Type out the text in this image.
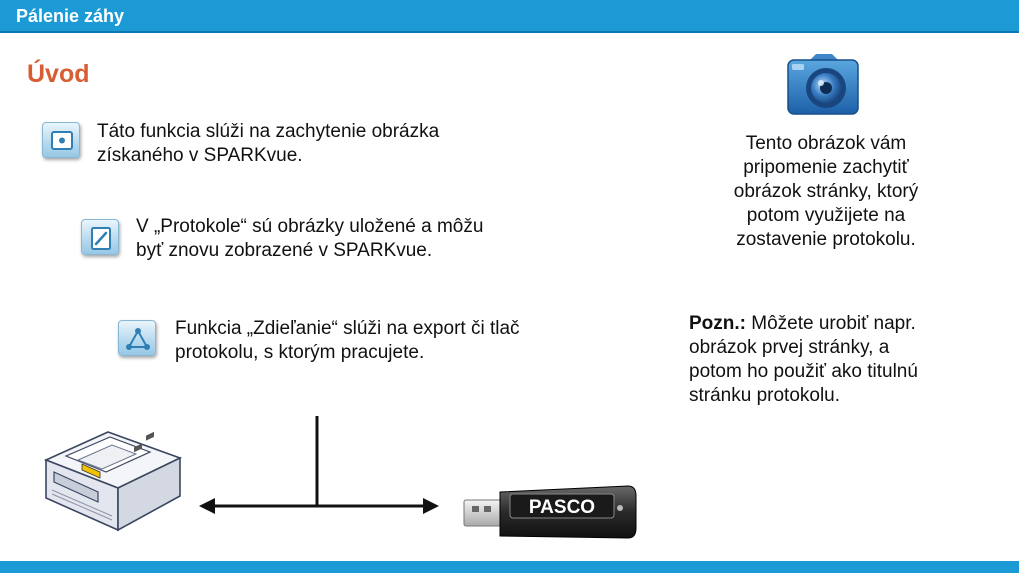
Pálenie záhy
Úvod
Táto funkcia slúži na zachytenie obrázka
získaného v SPARKvue.
V „Protokole“ sú obrázky uložené a môžu
byť znovu zobrazené v SPARKvue.
Funkcia „Zdieľanie“ slúži na export či tlač
protokolu, s ktorým pracujete.
Tento obrázok vám
pripomenie zachytiť
obrázok stránky, ktorý
potom využijete na
zostavenie protokolu.
Pozn.: Môžete urobiť napr.
obrázok prvej stránky, a
potom ho použiť ako titulnú
stránku protokolu.
PASCO
